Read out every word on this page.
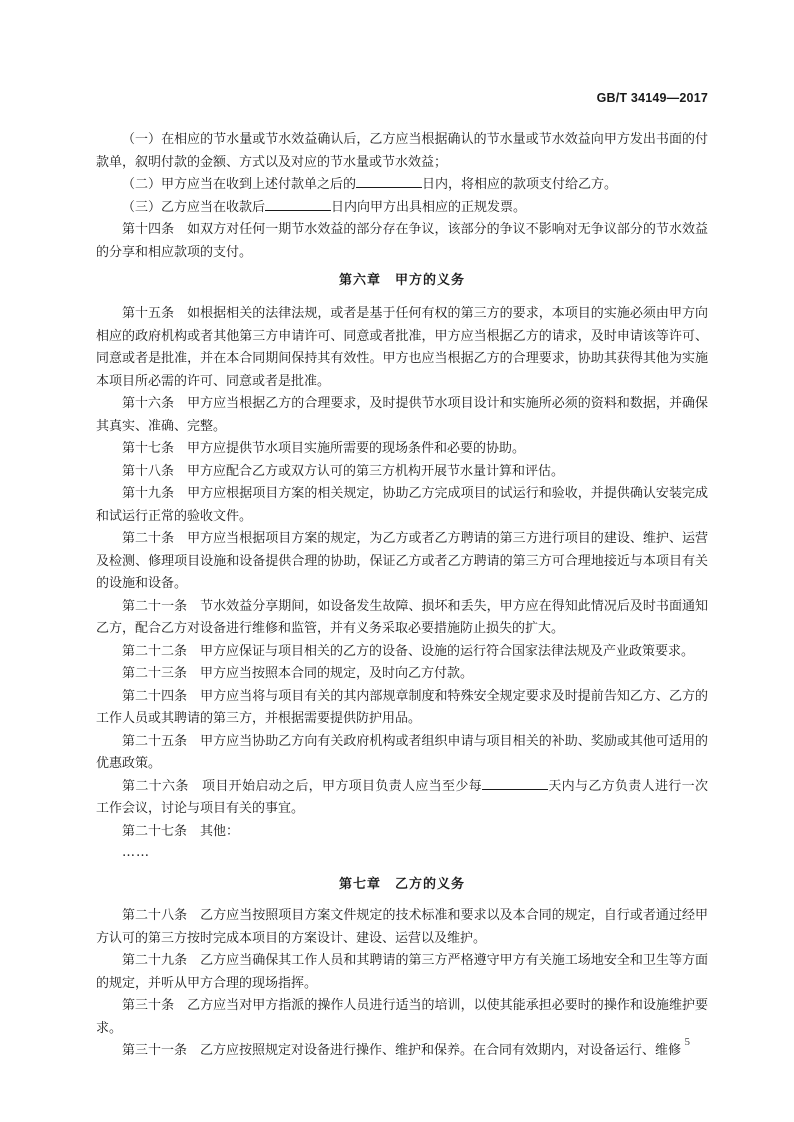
GB/T 34149—2017

（一）在相应的节水量或节水效益确认后，乙方应当根据确认的节水量或节水效益向甲方发出书面的付款单，叙明付款的金额、方式以及对应的节水量或节水效益；

（二）甲方应当在收到上述付款单之后的	日内，将相应的款项支付给乙方。

（三）乙方应当在收款后	日内向甲方出具相应的正规发票。

第十四条　如双方对任何一期节水效益的部分存在争议，该部分的争议不影响对无争议部分的节水效益的分享和相应款项的支付。

第六章　甲方的义务

第十五条　如根据相关的法律法规，或者是基于任何有权的第三方的要求，本项目的实施必须由甲方向相应的政府机构或者其他第三方申请许可、同意或者批准，甲方应当根据乙方的请求，及时申请该等许可、同意或者是批准，并在本合同期间保持其有效性。甲方也应当根据乙方的合理要求，协助其获得其他为实施本项目所必需的许可、同意或者是批准。

第十六条　甲方应当根据乙方的合理要求，及时提供节水项目设计和实施所必须的资料和数据，并确保其真实、准确、完整。

第十七条　甲方应提供节水项目实施所需要的现场条件和必要的协助。

第十八条　甲方应配合乙方或双方认可的第三方机构开展节水量计算和评估。

第十九条　甲方应根据项目方案的相关规定，协助乙方完成项目的试运行和验收，并提供确认安装完成和试运行正常的验收文件。

第二十条　甲方应当根据项目方案的规定，为乙方或者乙方聘请的第三方进行项目的建设、维护、运营及检测、修理项目设施和设备提供合理的协助，保证乙方或者乙方聘请的第三方可合理地接近与本项目有关的设施和设备。

第二十一条　节水效益分享期间，如设备发生故障、损坏和丢失，甲方应在得知此情况后及时书面通知乙方，配合乙方对设备进行维修和监管，并有义务采取必要措施防止损失的扩大。

第二十二条　甲方应保证与项目相关的乙方的设备、设施的运行符合国家法律法规及产业政策要求。

第二十三条　甲方应当按照本合同的规定，及时向乙方付款。

第二十四条　甲方应当将与项目有关的其内部规章制度和特殊安全规定要求及时提前告知乙方、乙方的工作人员或其聘请的第三方，并根据需要提供防护用品。

第二十五条　甲方应当协助乙方向有关政府机构或者组织申请与项目相关的补助、奖励或其他可适用的优惠政策。

第二十六条　项目开始启动之后，甲方项目负责人应当至少每	天内与乙方负责人进行一次工作会议，讨论与项目有关的事宜。

第二十七条　其他：

……

第七章　乙方的义务

第二十八条　乙方应当按照项目方案文件规定的技术标准和要求以及本合同的规定，自行或者通过经甲方认可的第三方按时完成本项目的方案设计、建设、运营以及维护。

第二十九条　乙方应当确保其工作人员和其聘请的第三方严格遵守甲方有关施工场地安全和卫生等方面的规定，并听从甲方合理的现场指挥。

第三十条　乙方应当对甲方指派的操作人员进行适当的培训，以使其能承担必要时的操作和设施维护要求。

第三十一条　乙方应按照规定对设备进行操作、维护和保养。在合同有效期内，对设备运行、维修

5
